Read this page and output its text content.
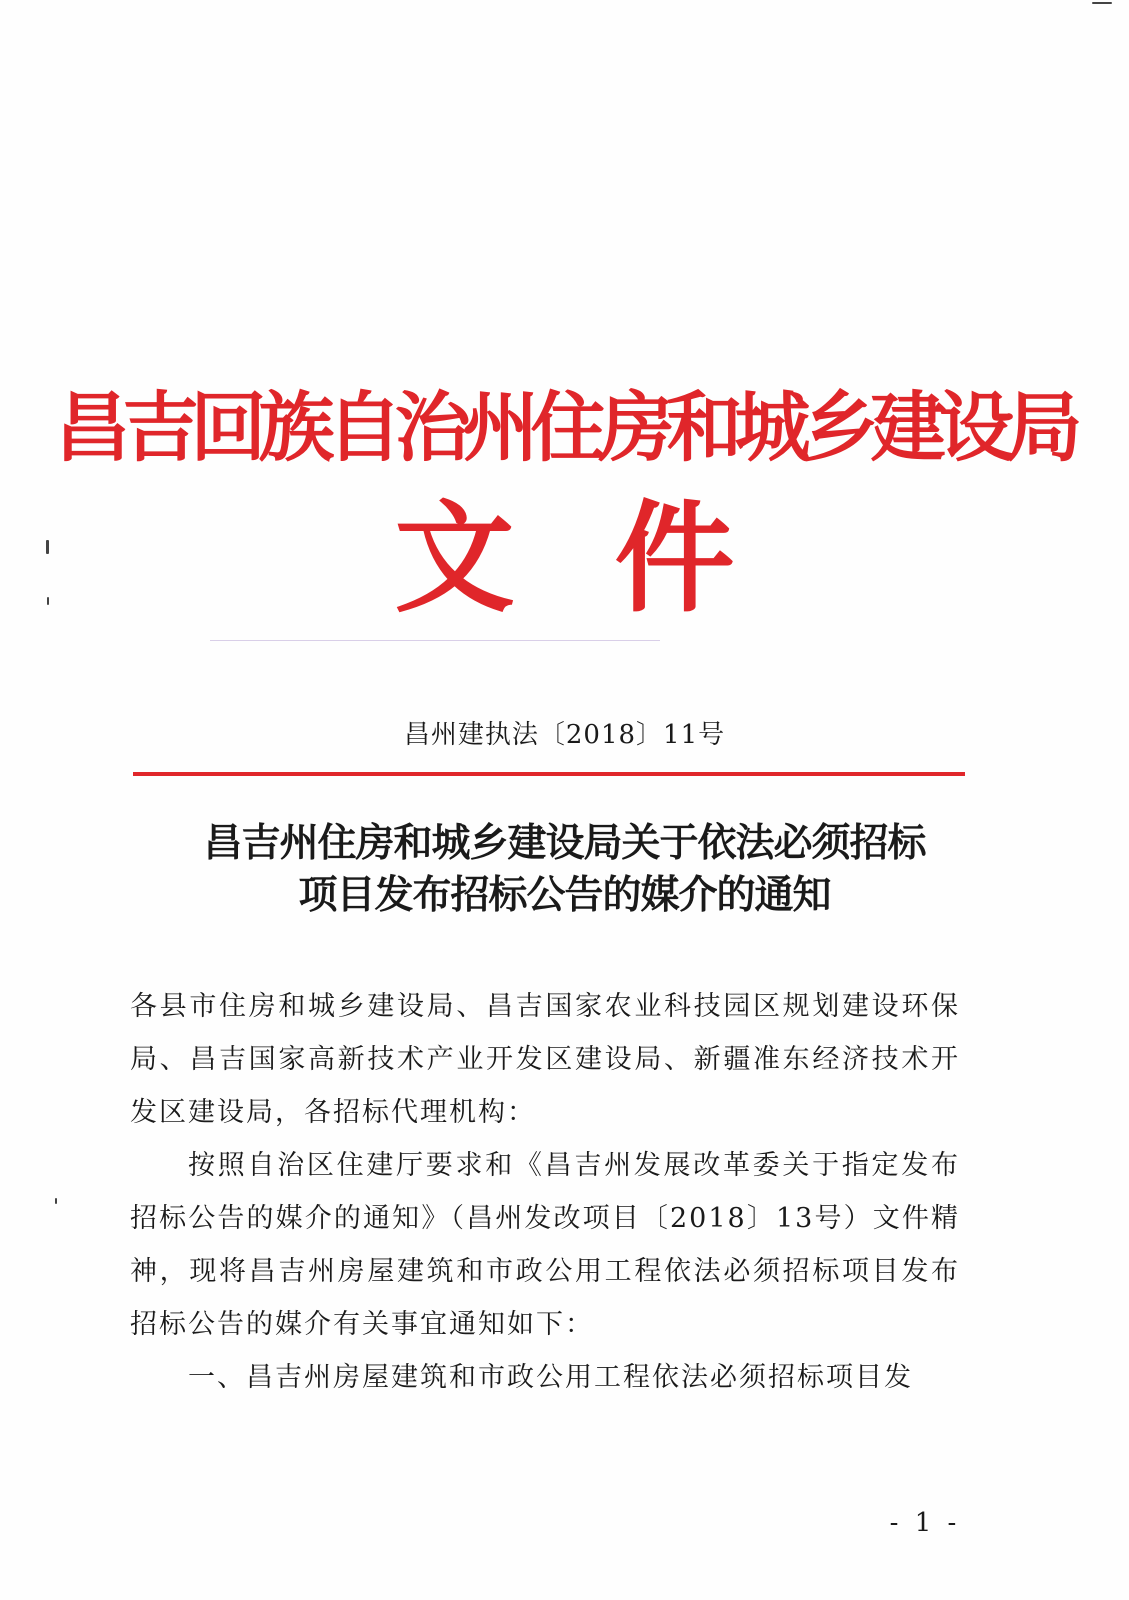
昌吉回族自治州住房和城乡建设局
文件
昌州建执法〔2018〕11号
昌吉州住房和城乡建设局关于依法必须招标
项目发布招标公告的媒介的通知

各县市住房和城乡建设局、昌吉国家农业科技园区规划建设环保局、昌吉国家高新技术产业开发区建设局、新疆准东经济技术开发区建设局，各招标代理机构：

按照自治区住建厅要求和《昌吉州发展改革委关于指定发布招标公告的媒介的通知》（昌州发改项目〔2018〕13号）文件精神，现将昌吉州房屋建筑和市政公用工程依法必须招标项目发布招标公告的媒介有关事宜通知如下：

一、昌吉州房屋建筑和市政公用工程依法必须招标项目发

- 1 -
